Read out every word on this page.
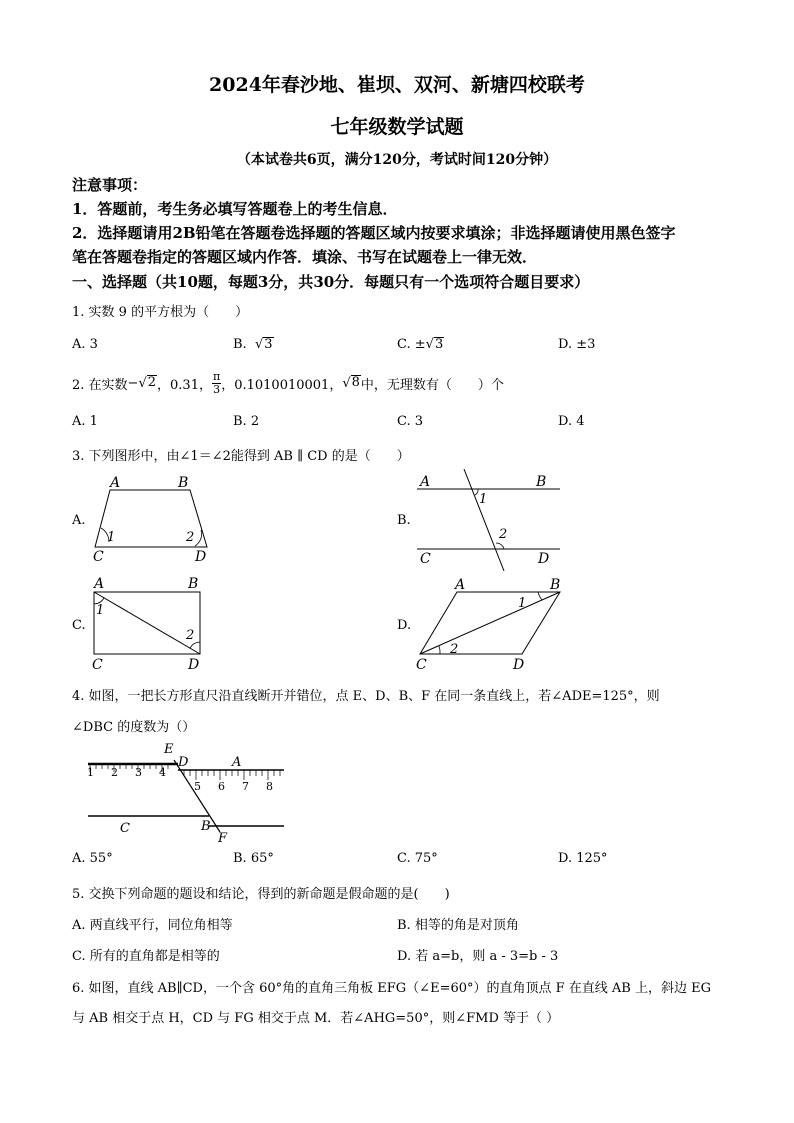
2024年春沙地、崔坝、双河、新塘四校联考
七年级数学试题
（本试卷共6页，满分120分，考试时间120分钟）
注意事项：
1．答题前，考生务必填写答题卷上的考生信息．
2．选择题请用2B铅笔在答题卷选择题的答题区域内按要求填涂；非选择题请使用黑色签字
笔在答题卷指定的答题区域内作答．填涂、书写在试题卷上一律无效．
一、选择题（共10题，每题3分，共30分．每题只有一个选项符合题目要求）
1. 实数 9 的平方根为（　　）
A. 3	B.  √3	C. ±√3	D. ±3
2. 在实数 − √ 2 ，0.31， $\frac{\pi}{3}$ ，0.1010010001， √ 8 中，无理数有（　　）个
A. 1	B. 2	C. 3	D. 4
3. 下列图形中，由∠1＝∠2能得到 AB ∥ CD 的是（　　）
A.	B.
C.	D.
A	B
C	D
1	2
A	B
C	D
1
2
A	B
C	D
1
2
A	B
C	D
1
2
4. 如图，一把长方形直尺沿直线断开并错位，点 E、D、B、F 在同一条直线上，若∠ADE=125°，则
∠DBC 的度数为（）
1 2 3 4
5 6 7 8
E
D	A
C	B
F
A. 55°	B. 65°	C. 75°	D. 125°
5. 交换下列命题的题设和结论，得到的新命题是假命题的是(　　)
A. 两直线平行，同位角相等	B. 相等的角是对顶角
C. 所有的直角都是相等的	D. 若 a=b，则 a - 3=b - 3
6. 如图，直线 AB∥CD，一个含 60°角的直角三角板 EFG（∠E=60°）的直角顶点 F 在直线 AB 上，斜边 EG
与 AB 相交于点 H，CD 与 FG 相交于点 M．若∠AHG=50°，则∠FMD 等于（ ）
